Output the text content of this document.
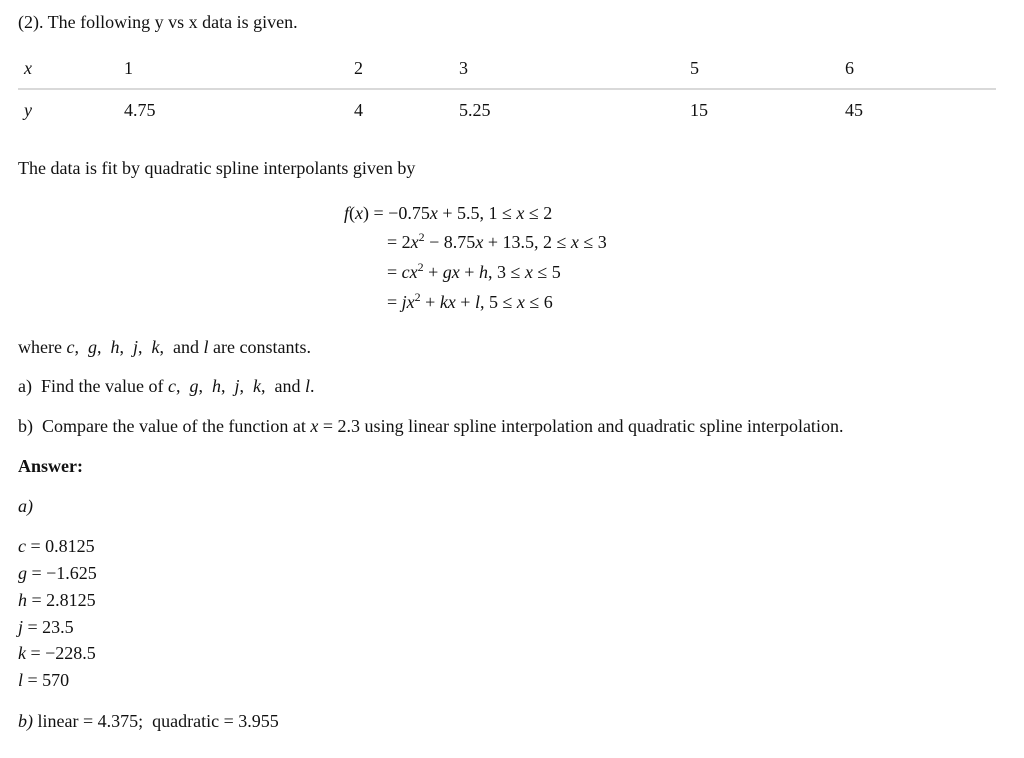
(2). The following y vs x data is given.
x	1	2	3	5	6
y	4.75	4	5.25	15	45
The data is fit by quadratic spline interpolants given by
f(x) = −0.75x + 5.5, 1 ≤ x ≤ 2
= $2x^2 - 8.75x + 13.5$, 2 ≤ x ≤ 3
= $cx^2$ + gx + h, 3 ≤ x ≤ 5
= $jx^2$ + kx + l, 5 ≤ x ≤ 6
where c,  g,  h,  j,  k,  and l are constants.
a)  Find the value of c,  g,  h,  j,  k,  and l.
b)  Compare the value of the function at x = 2.3 using linear spline interpolation and quadratic spline interpolation.
Answer:
a)
c = 0.8125
g = −1.625
h = 2.8125
j = 23.5
k = −228.5
l = 570
b) linear = 4.375;  quadratic = 3.955
